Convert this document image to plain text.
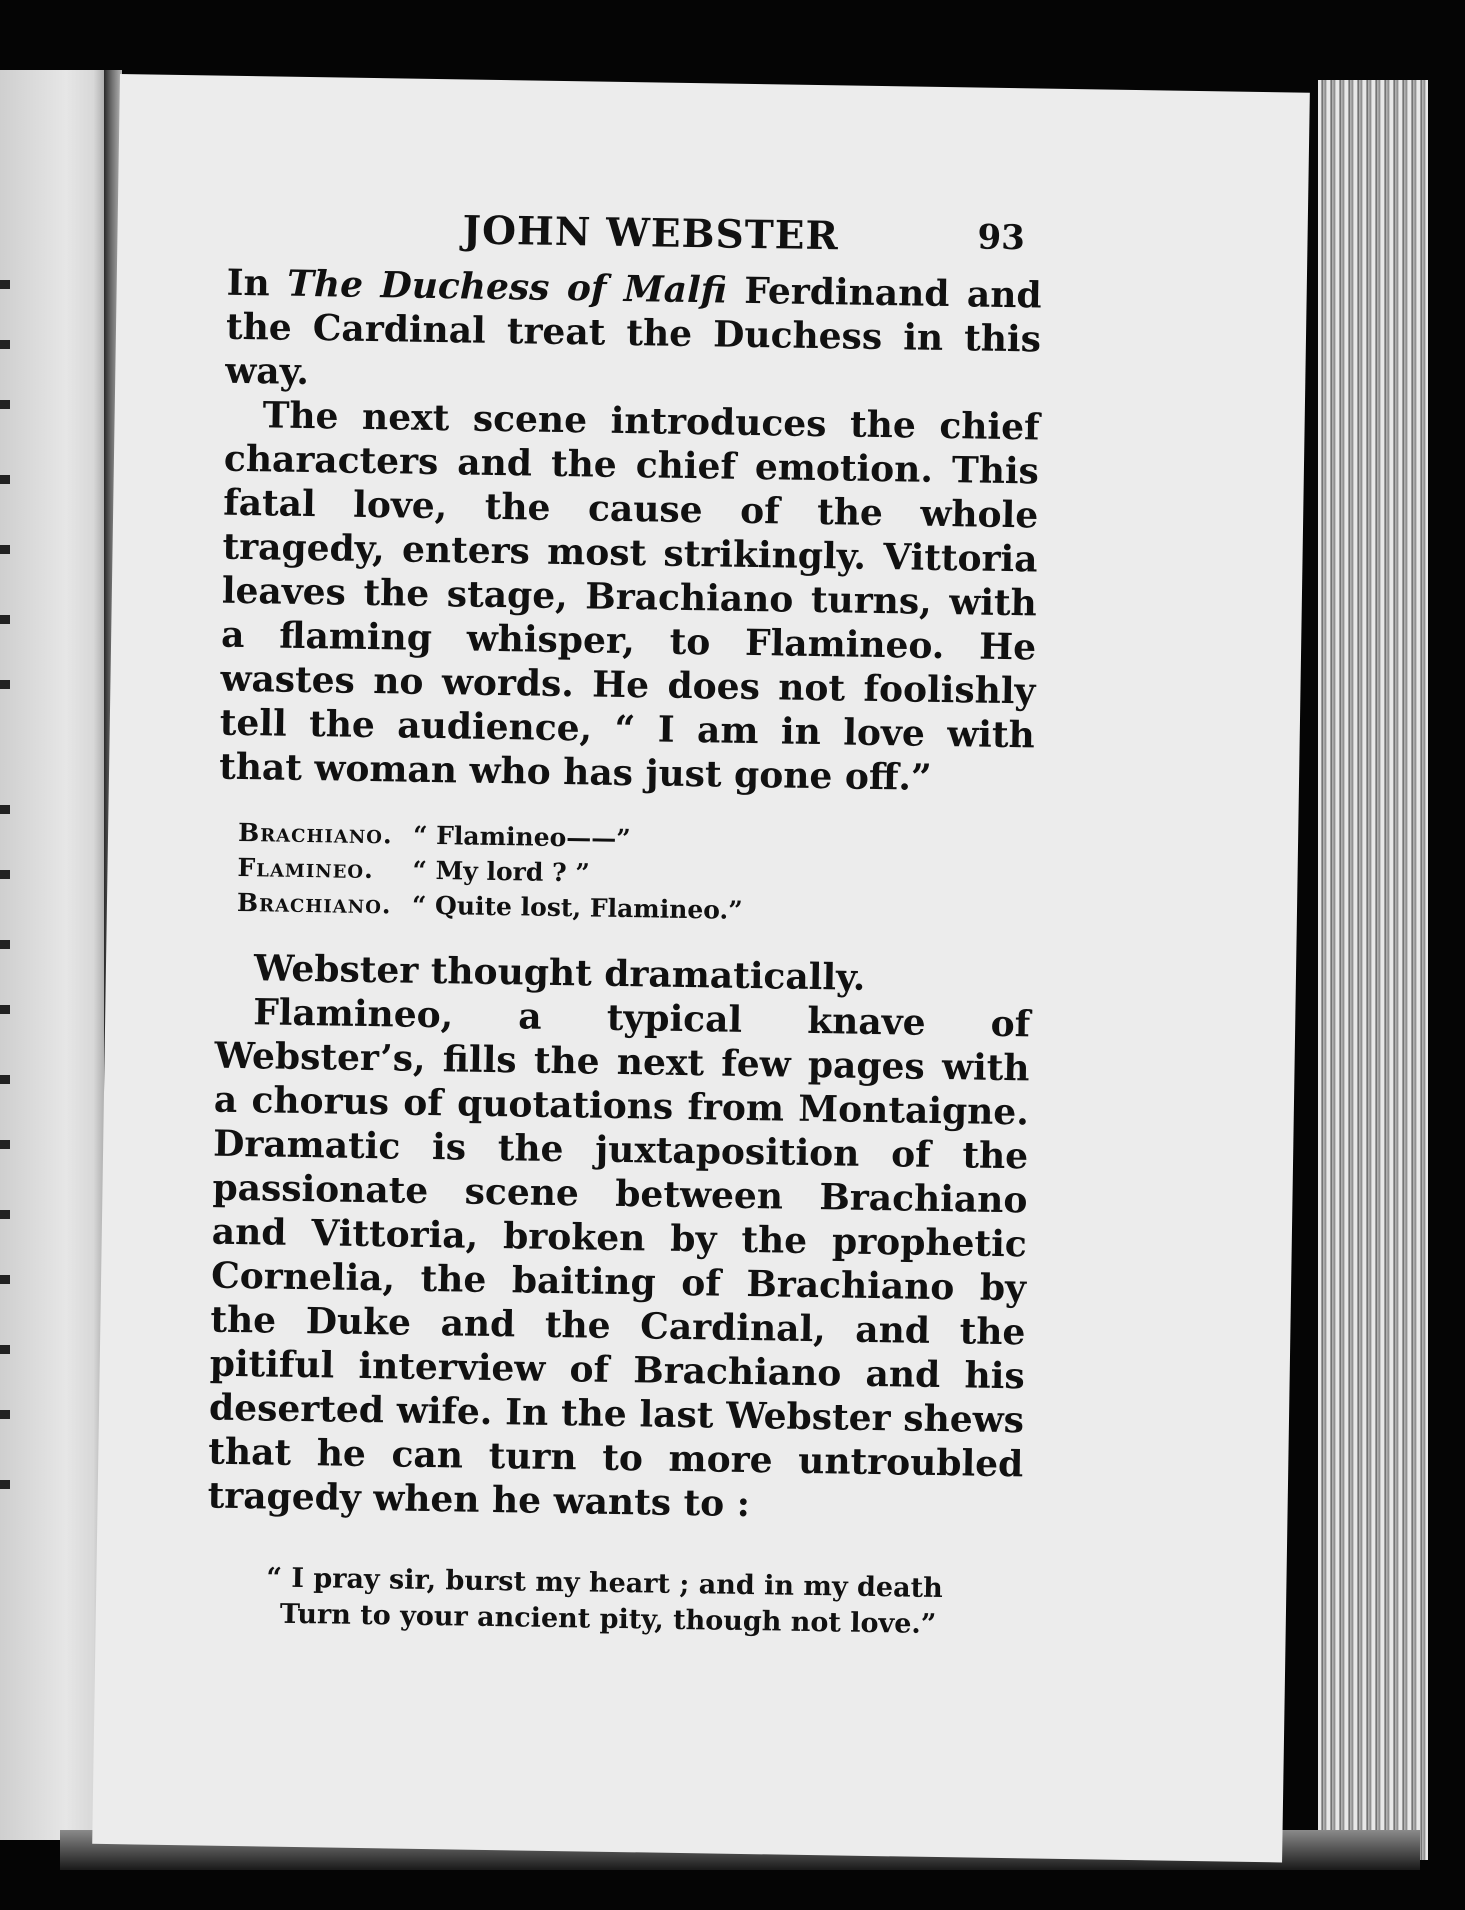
JOHN WEBSTER	93

In The Duchess of Malfi Ferdinand and the Cardinal treat the Duchess in this way.

The next scene introduces the chief characters and the chief emotion. This fatal love, the cause of the whole tragedy, enters most strikingly. Vittoria leaves the stage, Brachiano turns, with a flaming whisper, to Flamineo. He wastes no words. He does not foolishly tell the audience, “ I am in love with that woman who has just gone off.”

Brachiano. “ Flamineo——”
Flamineo. “ My lord ? ”
Brachiano. “ Quite lost, Flamineo.”

Webster thought dramatically.

Flamineo, a typical knave of Webster’s, fills the next few pages with a chorus of quotations from Montaigne. Dramatic is the juxtaposition of the passionate scene between Brachiano and Vittoria, broken by the prophetic Cornelia, the baiting of Brachiano by the Duke and the Cardinal, and the pitiful interview of Brachiano and his deserted wife. In the last Webster shews that he can turn to more untroubled tragedy when he wants to :

“ I pray sir, burst my heart ; and in my death
Turn to your ancient pity, though not love.”
